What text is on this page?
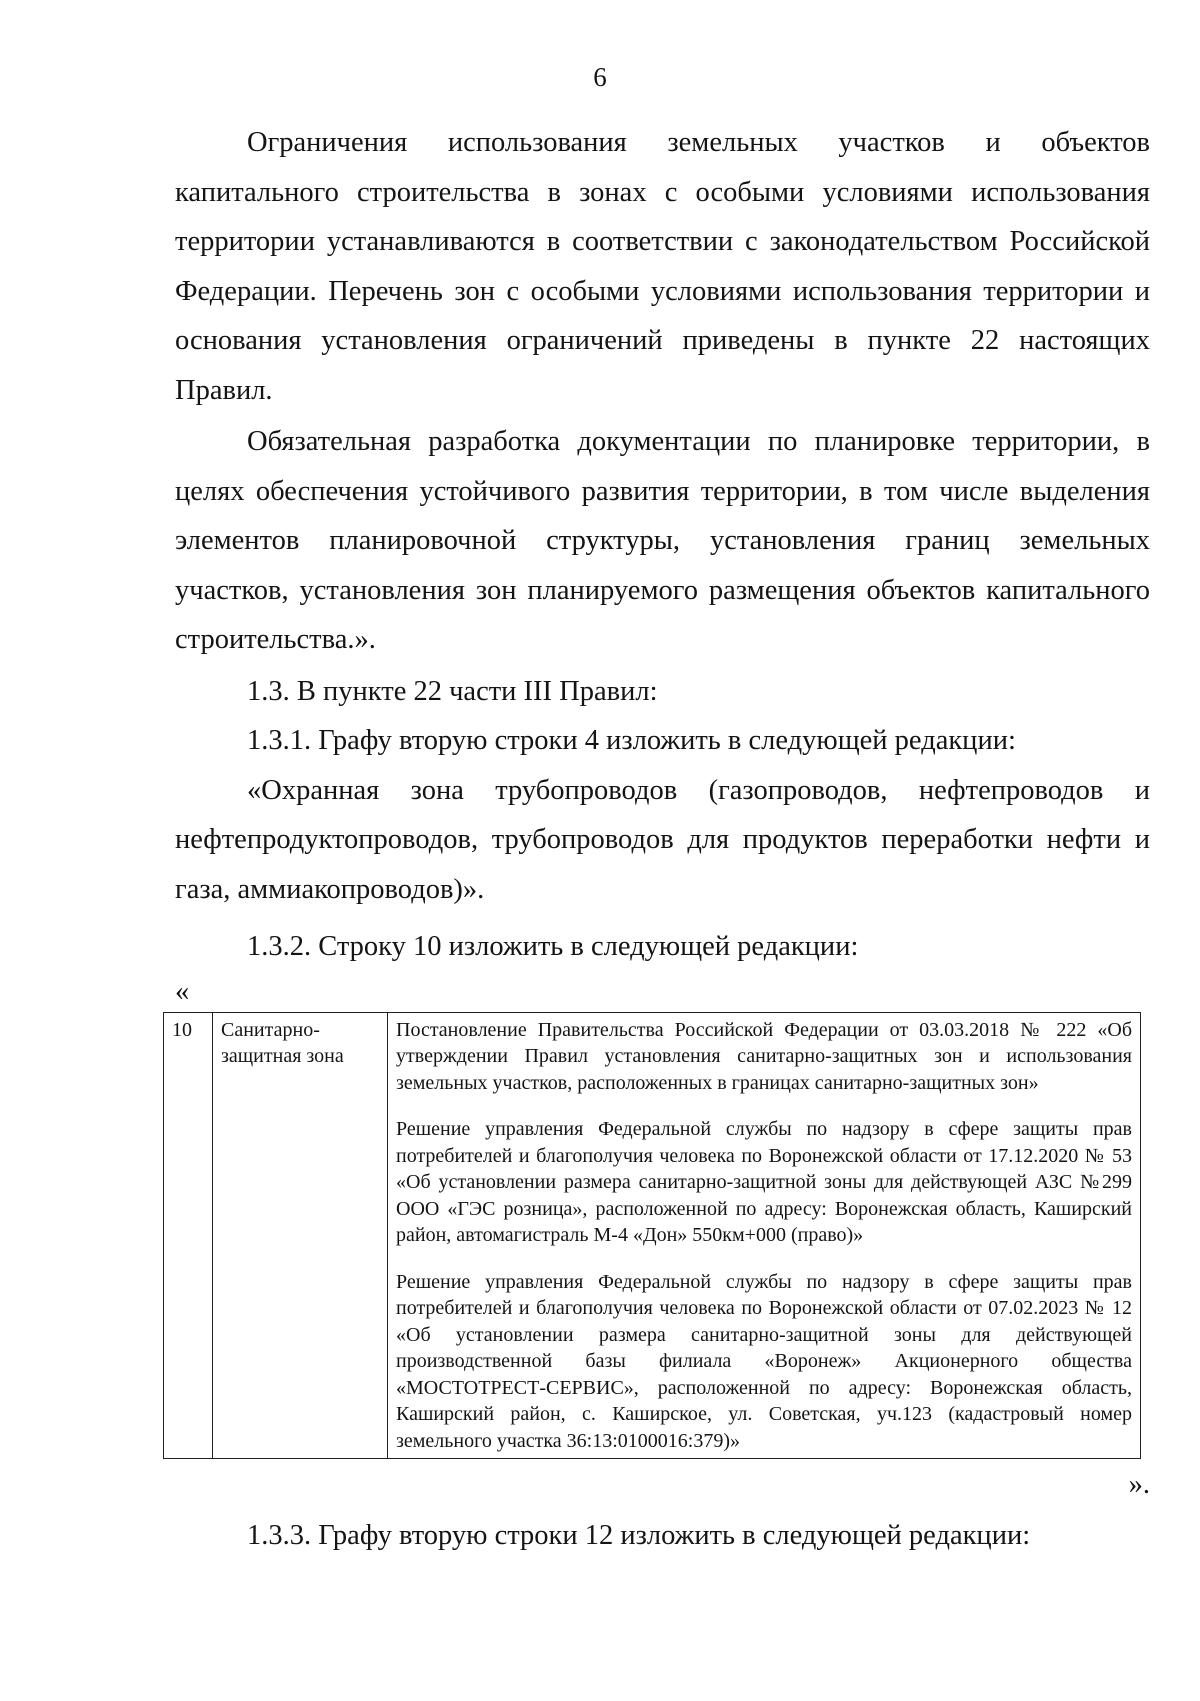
6

Ограничения использования земельных участков и объектов капитального строительства в зонах с особыми условиями использования территории устанавливаются в соответствии с законодательством Российской Федерации. Перечень зон с особыми условиями использования территории и основания установления ограничений приведены в пункте 22 настоящих Правил.

Обязательная разработка документации по планировке территории, в целях обеспечения устойчивого развития территории, в том числе выделения элементов планировочной структуры, установления границ земельных участков, установления зон планируемого размещения объектов капитального строительства.».

1.3. В пункте 22 части III Правил:

1.3.1. Графу вторую строки 4 изложить в следующей редакции:

«Охранная зона трубопроводов (газопроводов, нефтепроводов и нефтепродуктопроводов, трубопроводов для продуктов переработки нефти и газа, аммиакопроводов)».

1.3.2. Строку 10 изложить в следующей редакции:

«

10	Санитарно-защитная зона	

Постановление Правительства Российской Федерации от 03.03.2018 № 222 «Об утверждении Правил установления санитарно-защитных зон и использования земельных участков, расположенных в границах санитарно-защитных зон»

Решение управления Федеральной службы по надзору в сфере защиты прав потребителей и благополучия человека по Воронежской области от 17.12.2020 № 53 «Об установлении размера санитарно-защитной зоны для действующей АЗС №299 ООО «ГЭС розница», расположенной по адресу: Воронежская область, Каширский район, автомагистраль М-4 «Дон» 550км+000 (право)»

Решение управления Федеральной службы по надзору в сфере защиты прав потребителей и благополучия человека по Воронежской области от 07.02.2023 № 12 «Об установлении размера санитарно-защитной зоны для действующей производственной базы филиала «Воронеж» Акционерного общества «МОСТОТРЕСТ-СЕРВИС», расположенной по адресу: Воронежская область, Каширский район, с. Каширское, ул. Советская, уч.123 (кадастровый номер земельного участка 36:13:0100016:379)»

».

1.3.3. Графу вторую строки 12 изложить в следующей редакции:
